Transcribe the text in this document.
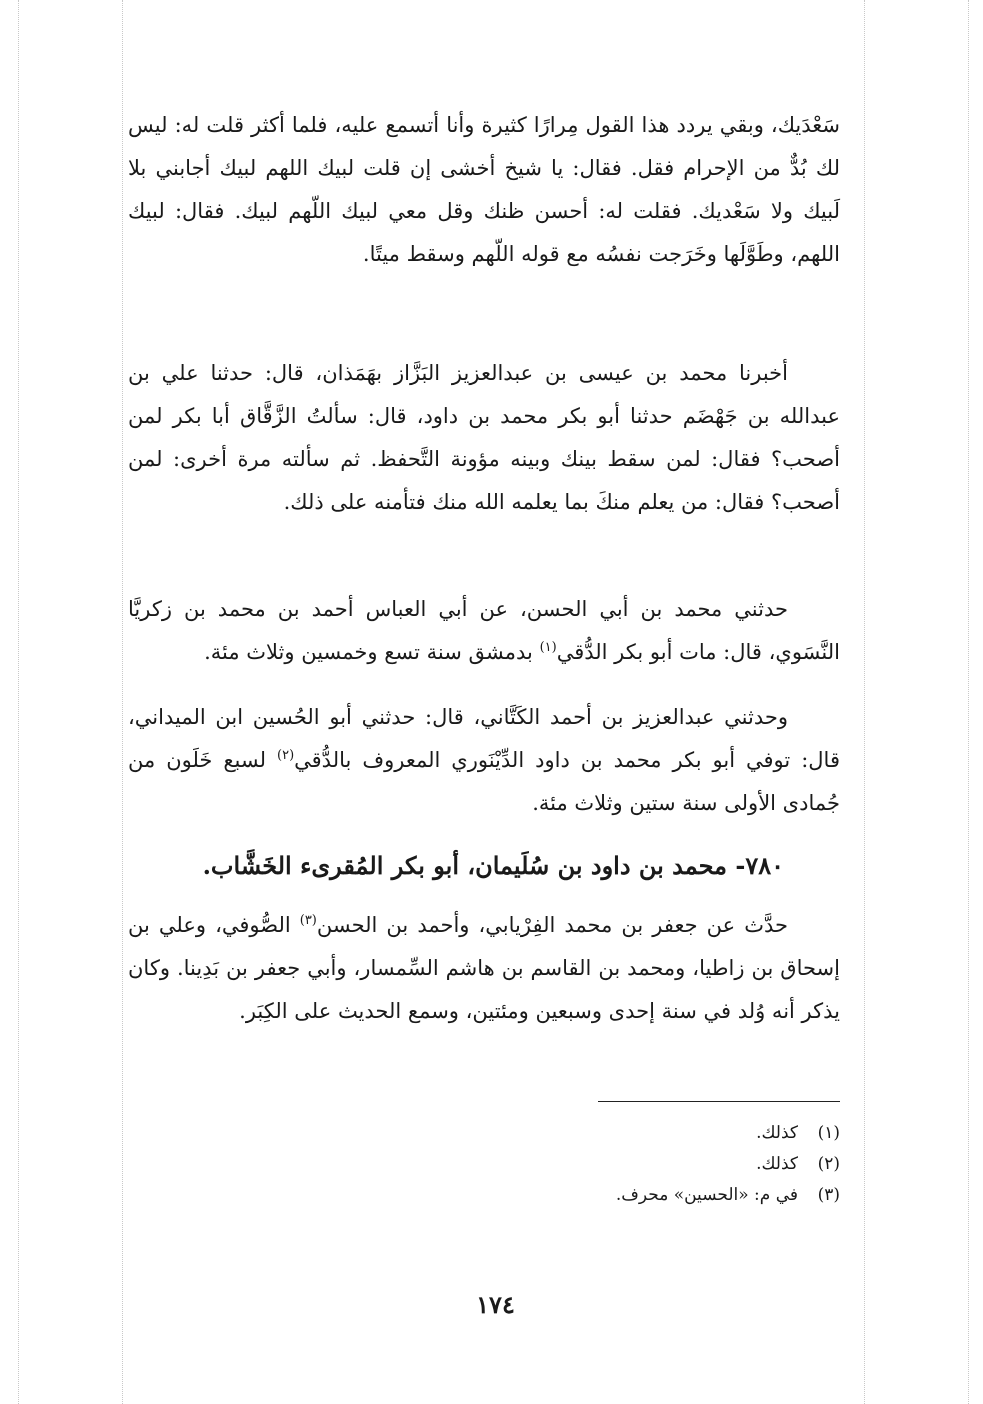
سَعْدَيك، وبقي يردد هذا القول مِرارًا كثيرة وأنا أتسمع عليه، فلما أكثر قلت له: ليس لك بُدٌّ من الإحرام فقل. فقال: يا شيخ أخشى إن قلت لبيك اللهم لبيك أجابني بلا لَبيك ولا سَعْديك. فقلت له: أحسن ظنك وقل معي لبيك اللّهم لبيك. فقال: لبيك اللهم، وطَوَّلَها وخَرَجت نفسُه مع قوله اللّهم وسقط ميتًا.

أخبرنا محمد بن عيسى بن عبدالعزيز البَزَّاز بهَمَذان، قال: حدثنا علي بن عبدالله بن جَهْضَم حدثنا أبو بكر محمد بن داود، قال: سألتُ الزَّقَّاق أبا بكر لمن أصحب؟ فقال: لمن سقط بينك وبينه مؤونة التَّحفظ. ثم سألته مرة أخرى: لمن أصحب؟ فقال: من يعلم منكَ بما يعلمه الله منك فتأمنه على ذلك.

حدثني محمد بن أبي الحسن، عن أبي العباس أحمد بن محمد بن زكريَّا النَّسَوي، قال: مات أبو بكر الدُّقي$^{(١)}$ بدمشق سنة تسع وخمسين وثلاث مئة.

وحدثني عبدالعزيز بن أحمد الكَتَّاني، قال: حدثني أبو الحُسين ابن الميداني، قال: توفي أبو بكر محمد بن داود الدِّيْنَوري المعروف بالدُّقي$^{(٢)}$ لسبع خَلَون من جُمادى الأولى سنة ستين وثلاث مئة.

٧٨٠- محمد بن داود بن سُلَيمان، أبو بكر المُقرىء الخَشَّاب.

حدَّث عن جعفر بن محمد الفِرْيابي، وأحمد بن الحسن$^{(٣)}$ الصُّوفي، وعلي بن إسحاق بن زاطيا، ومحمد بن القاسم بن هاشم السِّمسار، وأبي جعفر بن بَدِينا. وكان يذكر أنه وُلد في سنة إحدى وسبعين ومئتين، وسمع الحديث على الكِبَر.

(١)كذلك.
(٢)كذلك.
(٣)في م: «الحسين» محرف.
١٧٤
